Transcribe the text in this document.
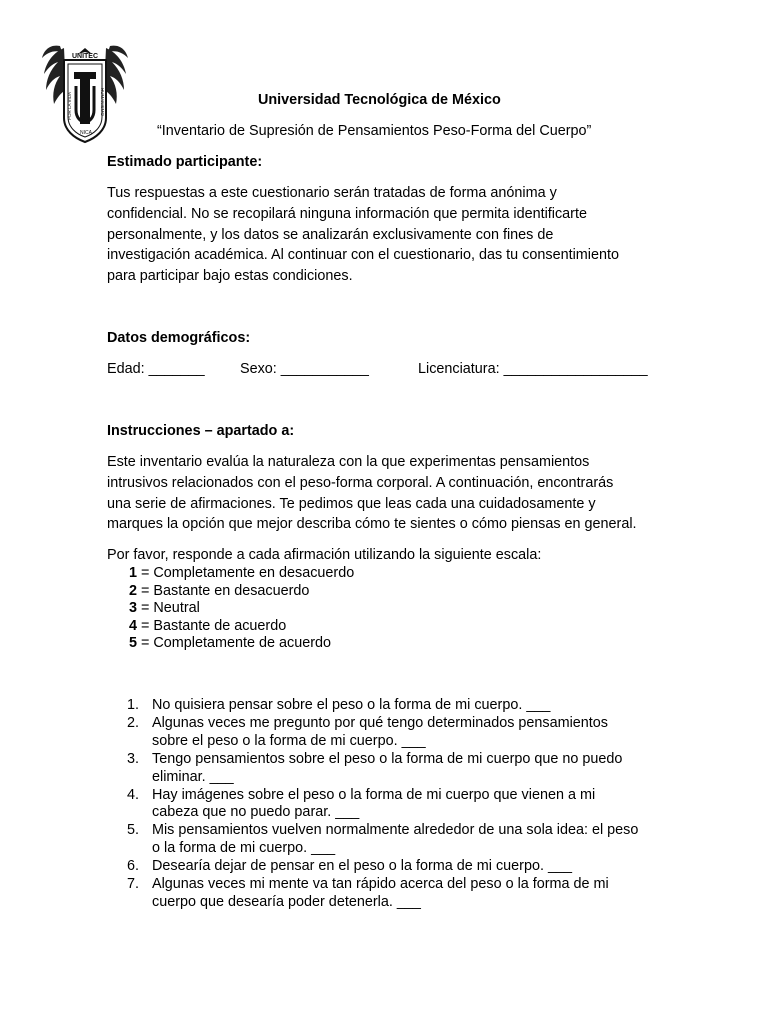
UNITEC
POR LA VIDA	HUMANISMO
NICA
Universidad Tecnológica de México
“Inventario de Supresión de Pensamientos Peso-Forma del Cuerpo”
Estimado participante:
Tus respuestas a este cuestionario serán tratadas de forma anónima y
confidencial. No se recopilará ninguna información que permita identificarte
personalmente, y los datos se analizarán exclusivamente con fines de
investigación académica. Al continuar con el cuestionario, das tu consentimiento
para participar bajo estas condiciones.
Datos demográficos:
Edad: _______ Sexo: ___________	Licenciatura: __________________
Instrucciones – apartado a:
Este inventario evalúa la naturaleza con la que experimentas pensamientos
intrusivos relacionados con el peso-forma corporal. A continuación, encontrarás
una serie de afirmaciones. Te pedimos que leas cada una cuidadosamente y
marques la opción que mejor describa cómo te sientes o cómo piensas en general.
Por favor, responde a cada afirmación utilizando la siguiente escala:
1 = Completamente en desacuerdo
2 = Bastante en desacuerdo
3 = Neutral
4 = Bastante de acuerdo
5 = Completamente de acuerdo
1. No quisiera pensar sobre el peso o la forma de mi cuerpo. ___
2. Algunas veces me pregunto por qué tengo determinados pensamientos
sobre el peso o la forma de mi cuerpo. ___
3. Tengo pensamientos sobre el peso o la forma de mi cuerpo que no puedo
eliminar. ___
4. Hay imágenes sobre el peso o la forma de mi cuerpo que vienen a mi
cabeza que no puedo parar. ___
5. Mis pensamientos vuelven normalmente alrededor de una sola idea: el peso
o la forma de mi cuerpo. ___
6. Desearía dejar de pensar en el peso o la forma de mi cuerpo. ___
7. Algunas veces mi mente va tan rápido acerca del peso o la forma de mi
cuerpo que desearía poder detenerla. ___
